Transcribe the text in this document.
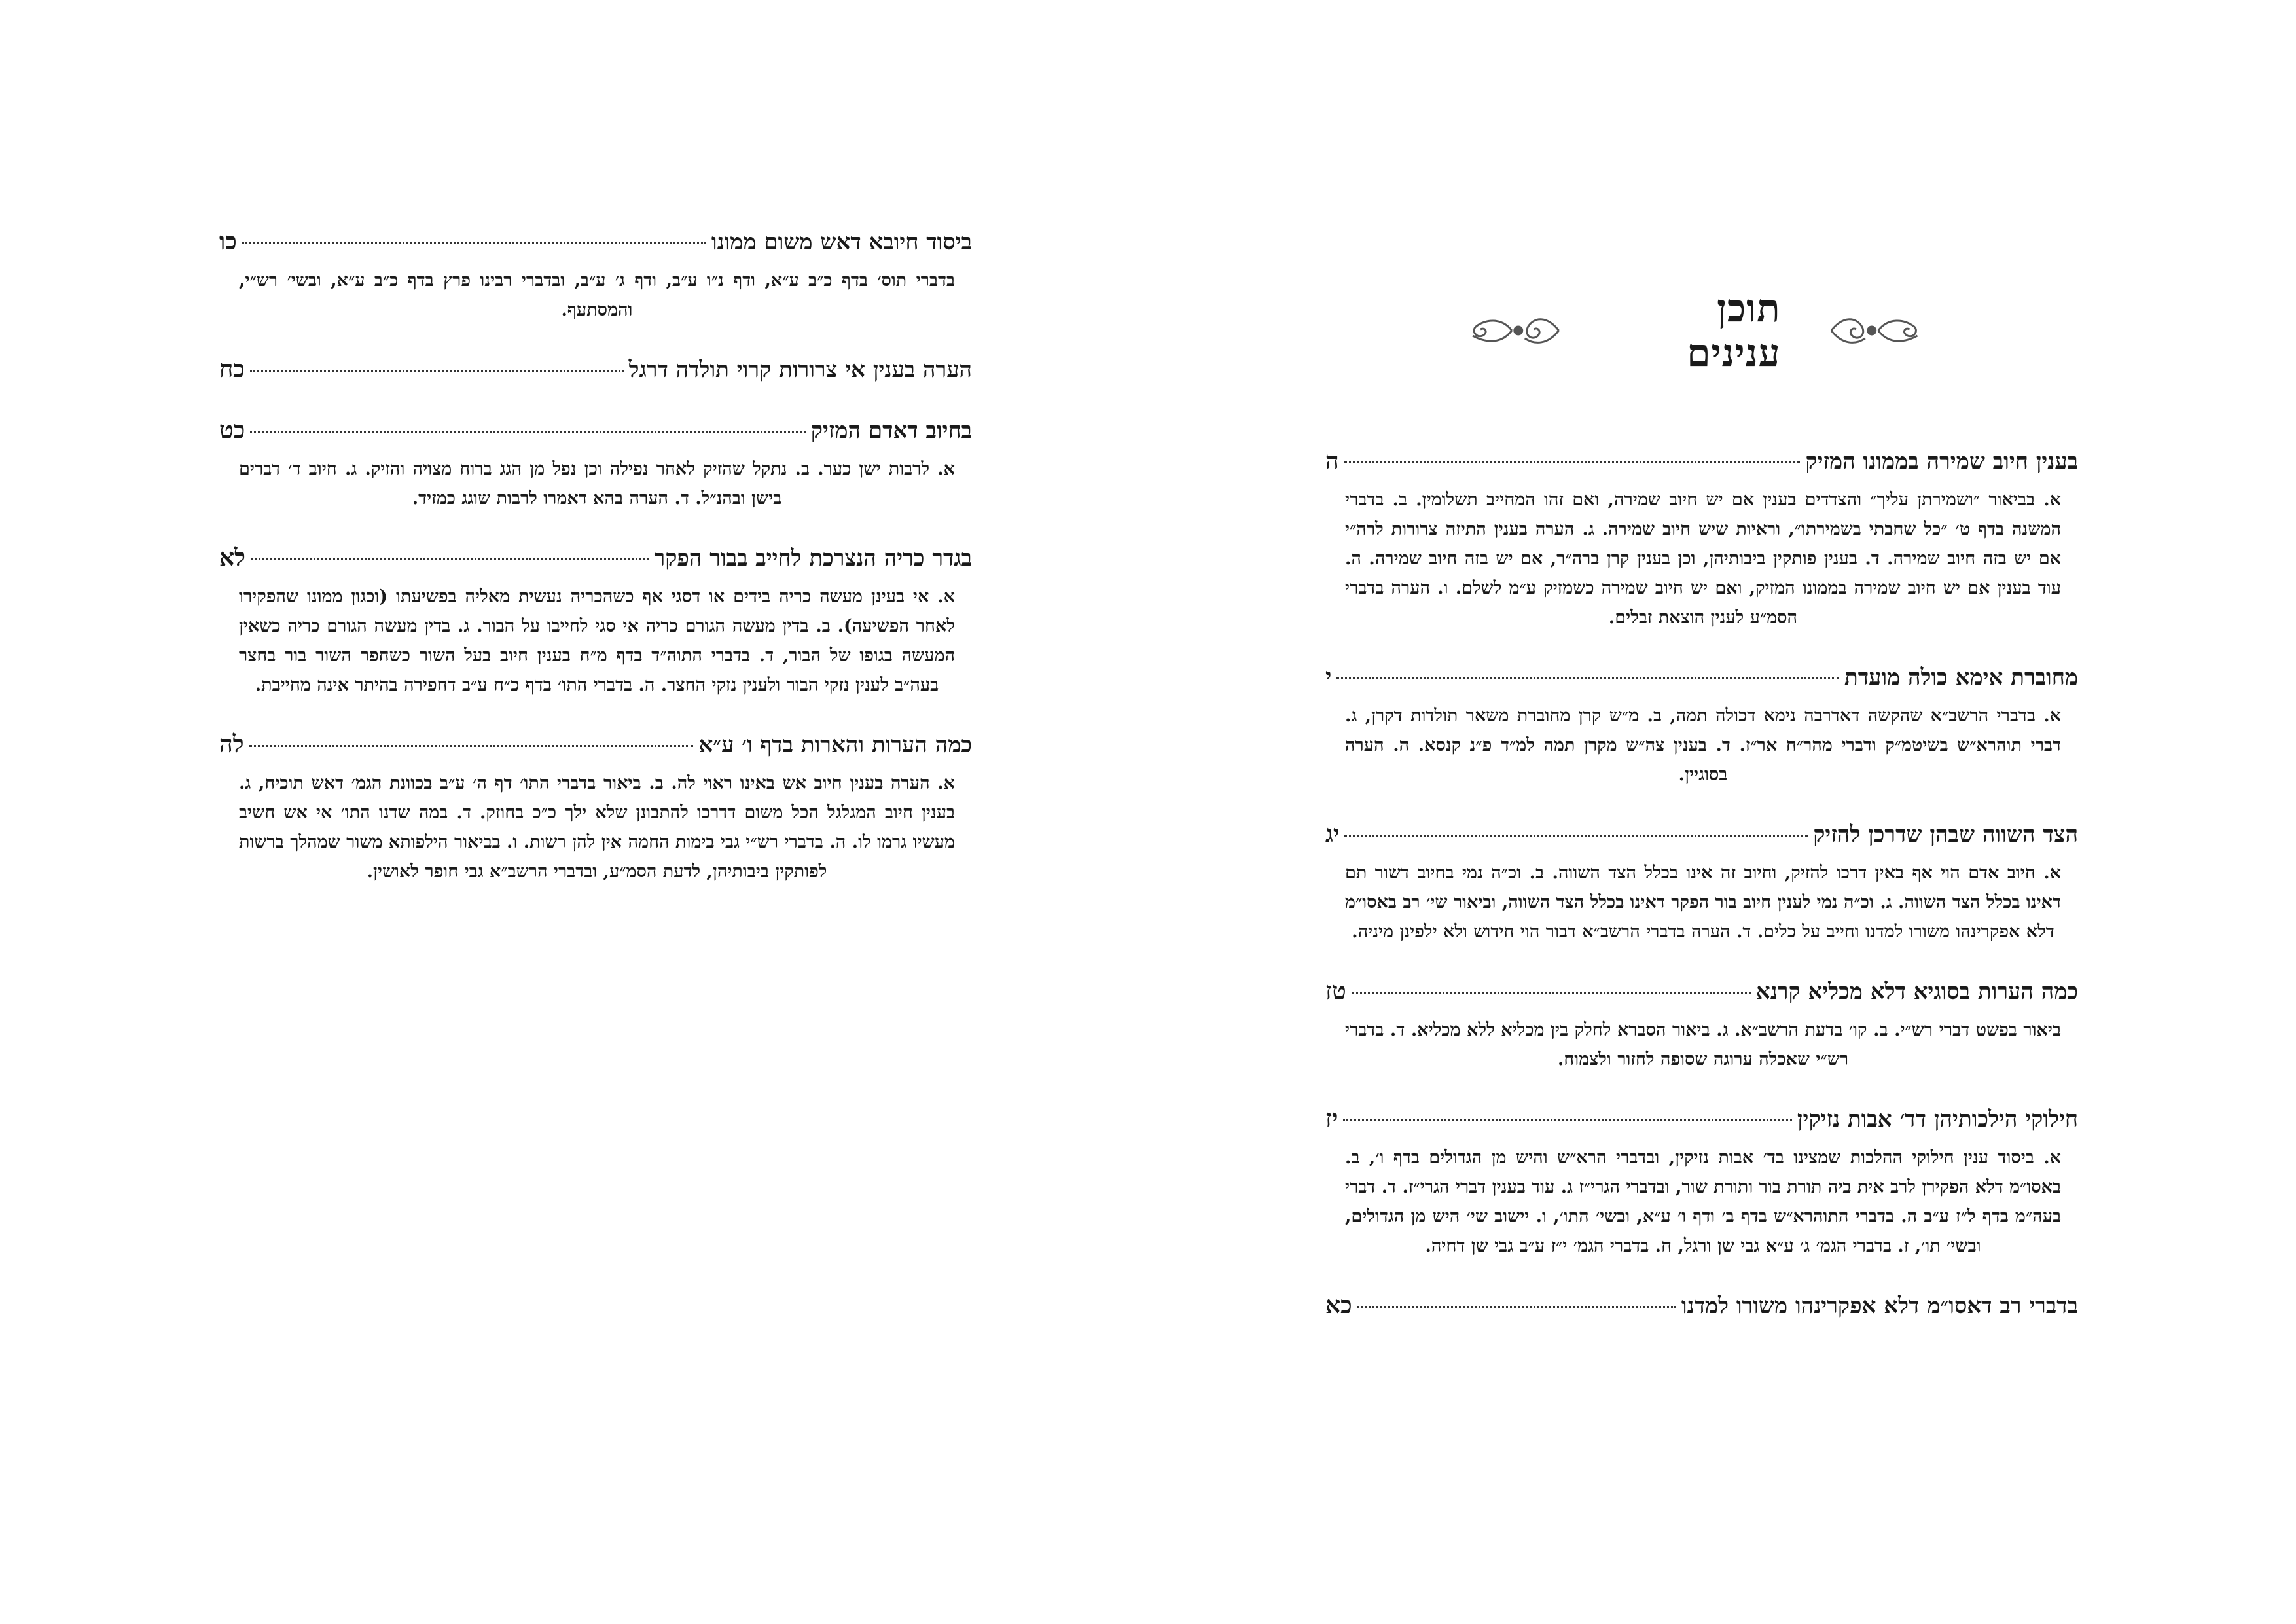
תוכן ענינים
בענין חיוב שמירה בממונו המזיק
ה
א. בביאור ״ושמירתן עליך״ והצדדים בענין אם יש חיוב שמירה, ואם זהו המחייב תשלומין. ב. בדברי המשנה בדף ט׳ ״כל שחבתי בשמירתו״, וראיות שיש חיוב שמירה. ג. הערה בענין התיזה צרורות לרה״י אם יש בזה חיוב שמירה. ד. בענין פותקין ביבותיהן, וכן בענין קרן ברה״ר, אם יש בזה חיוב שמירה. ה. עוד בענין אם יש חיוב שמירה בממונו המזיק, ואם יש חיוב שמירה כשמזיק ע״מ לשלם. ו. הערה בדברי הסמ״ע לענין הוצאת זבלים.
מחוברת אימא כולה מועדת
י
א. בדברי הרשב״א שהקשה דאדרבה נימא דכולה תמה, ב. מ״ש קרן מחוברת משאר תולדות דקרן, ג. דברי תוהרא״ש בשיטמ״ק ודברי מהר״ח אר״ז. ד. בענין צה״ש מקרן תמה למ״ד פ״נ קנסא. ה. הערה בסוגיין.
הצד השווה שבהן שדרכן להזיק
יג
א. חיוב אדם הוי אף באין דרכו להזיק, וחיוב זה אינו בכלל הצד השווה. ב. וכ״ה נמי בחיוב דשור תם דאינו בכלל הצד השווה. ג. וכ״ה נמי לענין חיוב בור הפקר דאינו בכלל הצד השווה, וביאור שי׳ רב באסו״מ דלא אפקרינהו משורו למדנו וחייב על כלים. ד. הערה בדברי הרשב״א דבור הוי חידוש ולא ילפינן מיניה.
כמה הערות בסוגיא דלא מכליא קרנא
טז
ביאור בפשט דברי רש״י. ב. קו׳ בדעת הרשב״א. ג. ביאור הסברא לחלק בין מכליא ללא מכליא. ד. בדברי רש״י שאכלה ערוגה שסופה לחזור ולצמוח.
חילוקי הילכותיהן דד׳ אבות נזיקין
יז
א. ביסוד ענין חילוקי ההלכות שמצינו בד׳ אבות נזיקין, ובדברי הרא״ש והיש מן הגדולים בדף ו׳, ב. באסו״מ דלא הפקירן לרב אית ביה תורת בור ותורת שור, ובדברי הגרי״ז ג. עוד בענין דברי הגרי״ז. ד. דברי בעה״מ בדף ל״ז ע״ב ה. בדברי התוהרא״ש בדף ב׳ ודף ו׳ ע״א, ובשי׳ התו׳, ו. יישוב שי׳ היש מן הגדולים, ובשי׳ תו׳, ז. בדברי הגמ׳ ג׳ ע״א גבי שן ורגל, ח. בדברי הגמ׳ י״ז ע״ב גבי שן דחיה.
בדברי רב דאסו״מ דלא אפקרינהו משורו למדנו
כא
ביסוד חיובא דאש משום ממונו
כו
בדברי תוס׳ בדף כ״ב ע״א, ודף נ״ו ע״ב, ודף ג׳ ע״ב, ובדברי רבינו פרץ בדף כ״ב ע״א, ובשי׳ רש״י, והמסתעף.
הערה בענין אי צרורות קרוי תולדה דרגל
כח
בחיוב דאדם המזיק
כט
א. לרבות ישן כער. ב. נתקל שהזיק לאחר נפילה וכן נפל מן הגג ברוח מצויה והזיק. ג. חיוב ד׳ דברים בישן ובהנ״ל. ד. הערה בהא דאמרו לרבות שוגג כמזיד.
בגדר כריה הנצרכת לחייב בבור הפקר
לא
א. אי בעינן מעשה כריה בידים או דסגי אף כשהכריה נעשית מאליה בפשיעתו (וכגון ממונו שהפקירו לאחר הפשיעה). ב. בדין מעשה הגורם כריה אי סגי לחייבו על הבור. ג. בדין מעשה הגורם כריה כשאין המעשה בגופו של הבור, ד. בדברי התוה״ד בדף מ״ח בענין חיוב בעל השור כשחפר השור בור בחצר בעה״ב לענין נזקי הבור ולענין נזקי החצר. ה. בדברי התו׳ בדף כ״ח ע״ב דחפירה בהיתר אינה מחייבת.
כמה הערות והארות בדף ו׳ ע״א
לה
א. הערה בענין חיוב אש באינו ראוי לה. ב. ביאור בדברי התו׳ דף ה׳ ע״ב בכוונת הגמ׳ דאש תוכיח, ג. בענין חיוב המגלגל הכל משום דדרכו להתבונן שלא ילך כ״כ בחוזק. ד. במה שדנו התו׳ אי אש חשיב מעשיו גרמו לו. ה. בדברי רש״י גבי בימות החמה אין להן רשות. ו. בביאור הילפותא משור שמהלך ברשות לפותקין ביבותיהן, לדעת הסמ״ע, ובדברי הרשב״א גבי חופר לאושין.
